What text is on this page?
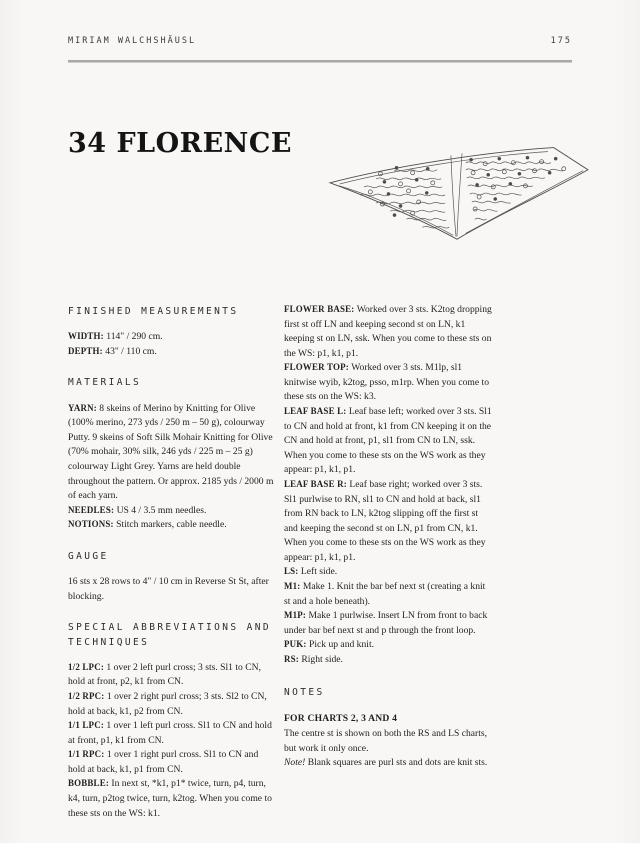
MIRIAM WALCHSHÄUSL	175
34 FLORENCE
FINISHED MEASUREMENTS

WIDTH: 114" / 290 cm.

DEPTH: 43" / 110 cm.

MATERIALS

YARN: 8 skeins of Merino by Knitting for Olive (100% merino, 273 yds / 250 m – 50 g), colourway Putty. 9 skeins of Soft Silk Mohair Knitting for Olive (70% mohair, 30% silk, 246 yds / 225 m – 25 g) colourway Light Grey. Yarns are held double throughout the pattern. Or approx. 2185 yds / 2000 m of each yarn.

NEEDLES: US 4 / 3.5 mm needles.

NOTIONS: Stitch markers, cable needle.

GAUGE

16 sts x 28 rows to 4" / 10 cm in Reverse St St, after blocking.

SPECIAL ABBREVIATIONS AND TECHNIQUES

1/2 LPC: 1 over 2 left purl cross; 3 sts. Sl1 to CN, hold at front, p2, k1 from CN.

1/2 RPC: 1 over 2 right purl cross; 3 sts. Sl2 to CN, hold at back, k1, p2 from CN.

1/1 LPC: 1 over 1 left purl cross. Sl1 to CN and hold at front, p1, k1 from CN.

1/1 RPC: 1 over 1 right purl cross. Sl1 to CN and hold at back, k1, p1 from CN.

BOBBLE: In next st, *k1, p1* twice, turn, p4, turn, k4, turn, p2tog twice, turn, k2tog. When you come to these sts on the WS: k1.

FLOWER BASE: Worked over 3 sts. K2tog dropping first st off LN and keeping second st on LN, k1 keeping st on LN, ssk. When you come to these sts on the WS: p1, k1, p1.

FLOWER TOP: Worked over 3 sts. M1lp, sl1 knitwise wyib, k2tog, psso, m1rp. When you come to these sts on the WS: k3.

LEAF BASE L: Leaf base left; worked over 3 sts. Sl1 to CN and hold at front, k1 from CN keeping it on the CN and hold at front, p1, sl1 from CN to LN, ssk. When you come to these sts on the WS work as they appear: p1, k1, p1.

LEAF BASE R: Leaf base right; worked over 3 sts. Sl1 purlwise to RN, sl1 to CN and hold at back, sl1 from RN back to LN, k2tog slipping off the first st and keeping the second st on LN, p1 from CN, k1. When you come to these sts on the WS work as they appear: p1, k1, p1.

LS: Left side.

M1: Make 1. Knit the bar bef next st (creating a knit st and a hole beneath).

M1P: Make 1 purlwise. Insert LN from front to back under bar bef next st and p through the front loop.

PUK: Pick up and knit.

RS: Right side.

NOTES

FOR CHARTS 2, 3 AND 4

The centre st is shown on both the RS and LS charts, but work it only once.

Note! Blank squares are purl sts and dots are knit sts.
